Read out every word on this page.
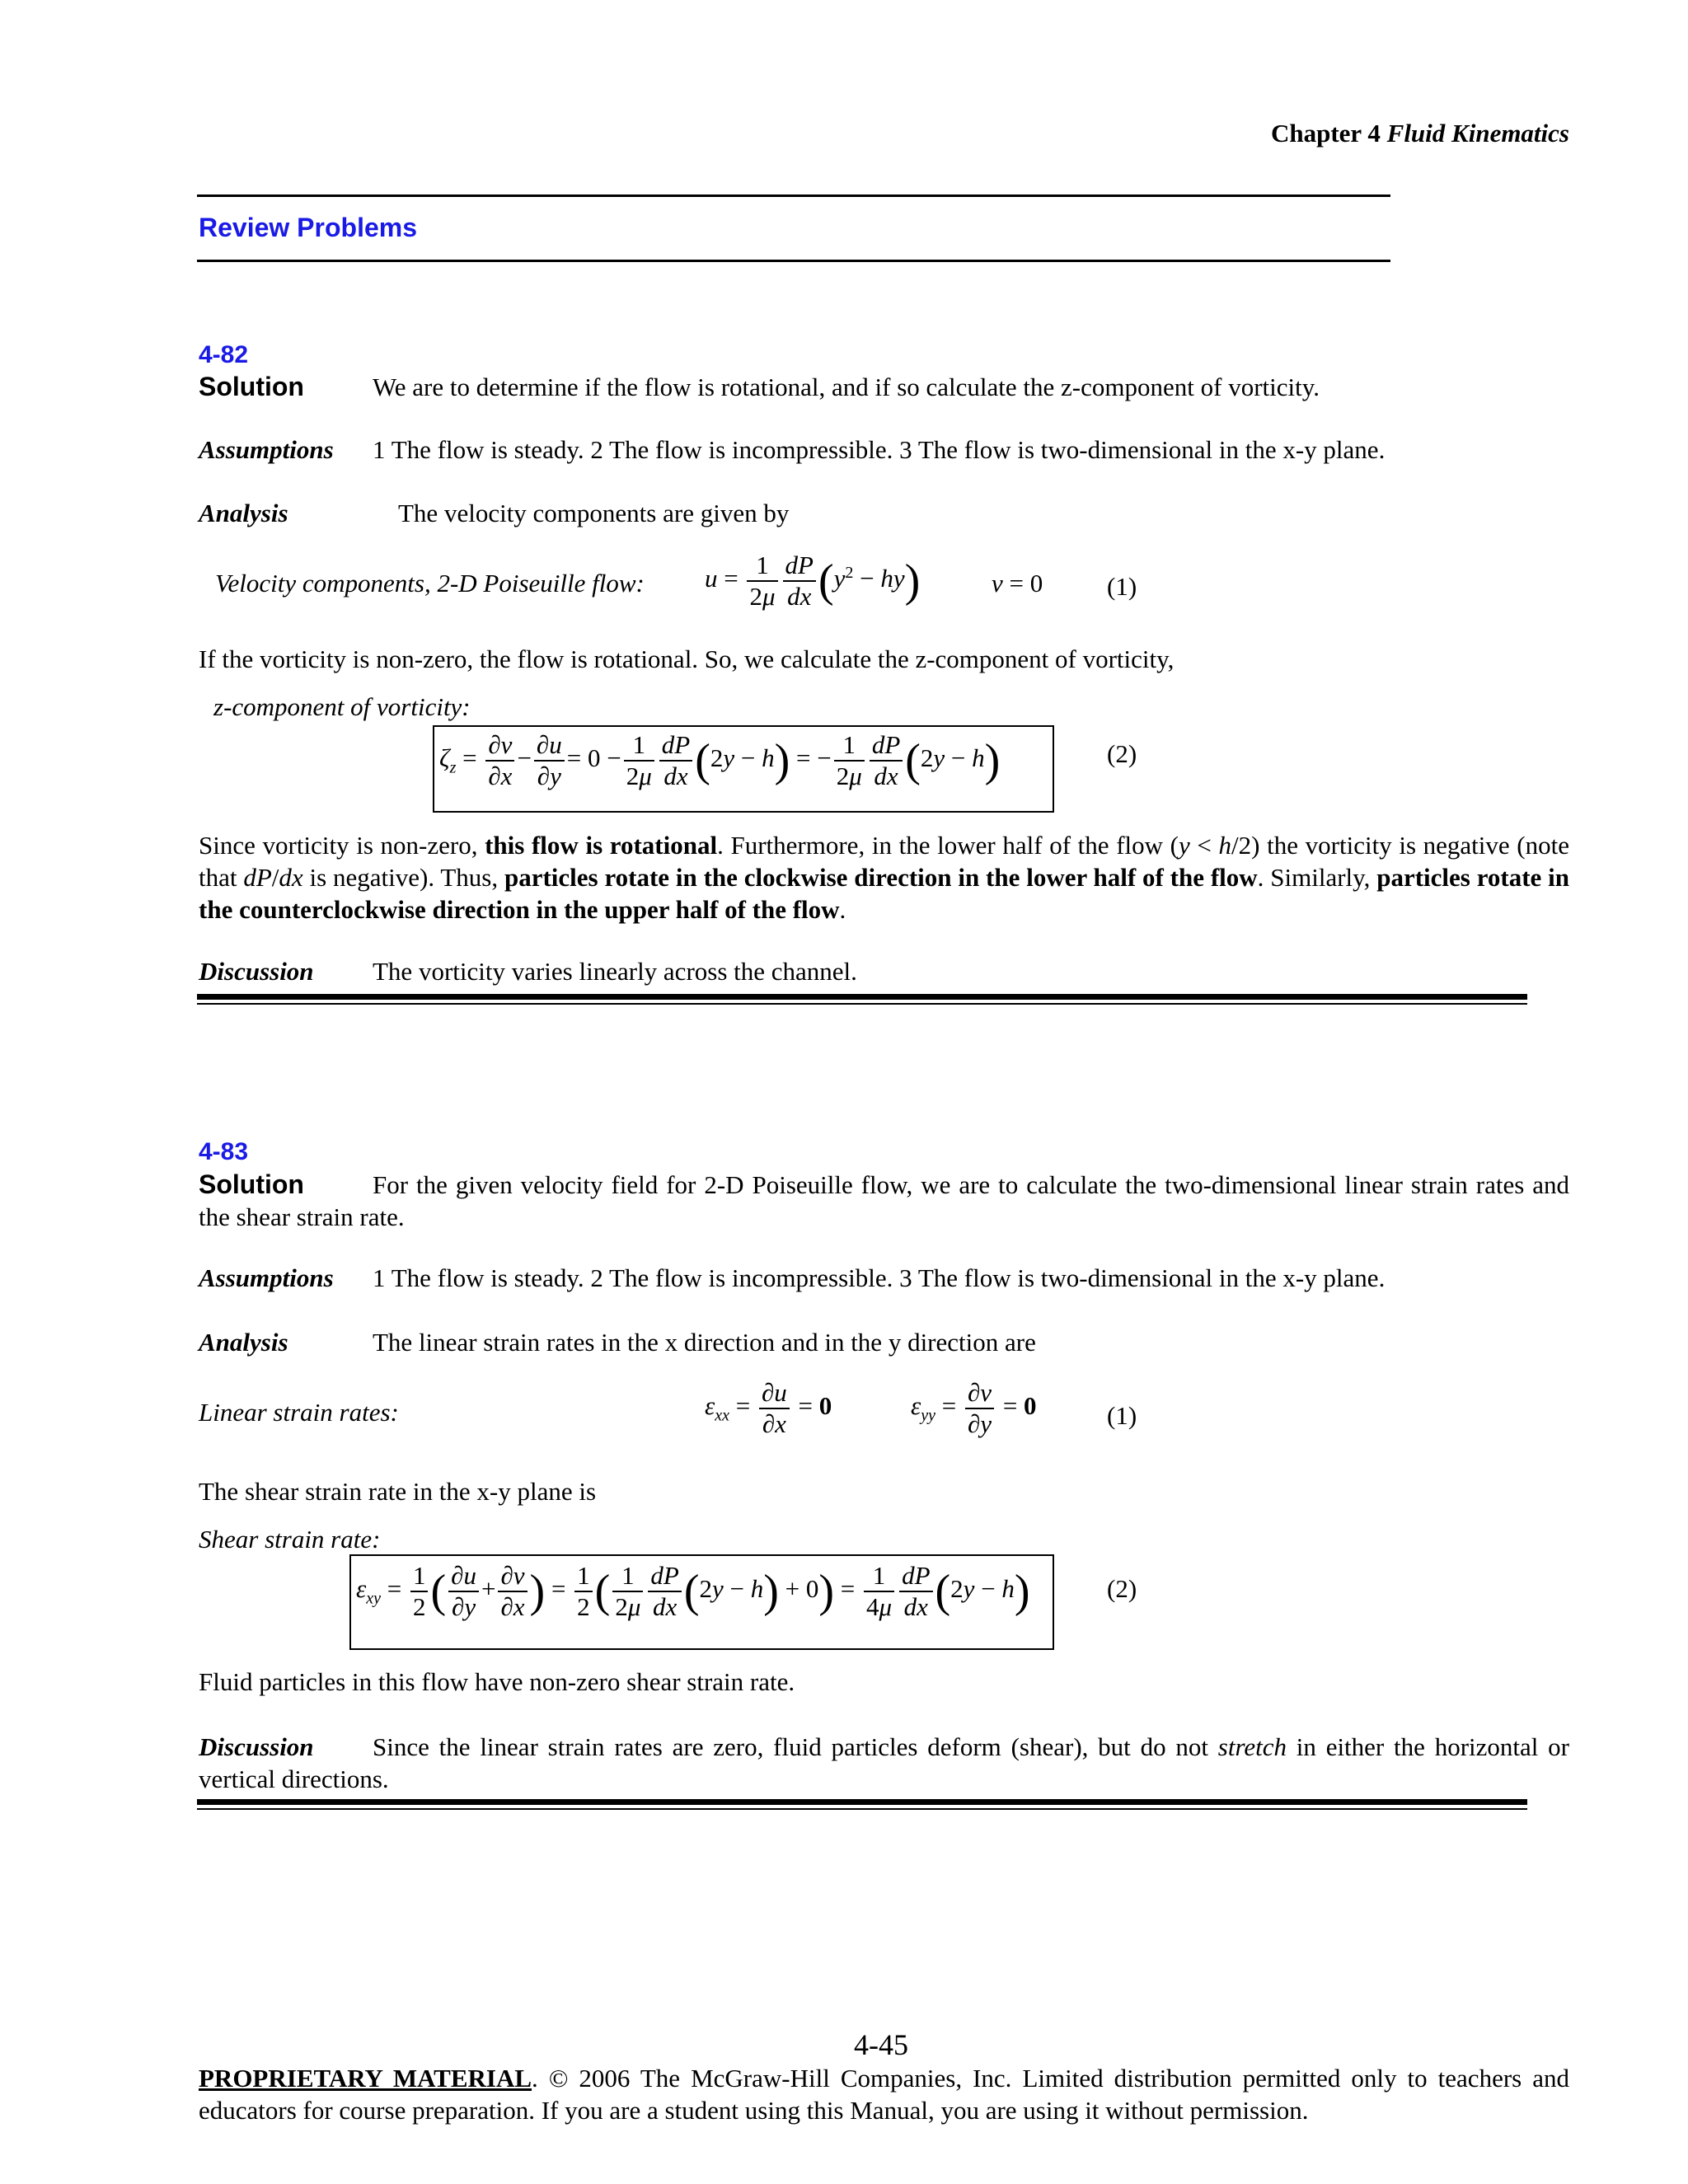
Chapter 4 Fluid Kinematics
Review Problems
4-82
Solution	We are to determine if the flow is rotational, and if so calculate the z-component of vorticity.
Assumptions 1 The flow is steady. 2 The flow is incompressible. 3 The flow is two-dimensional in the x-y plane.
Analysis	The velocity components are given by
Velocity components, 2-D Poiseuille flow: $u = \frac{1}{2\mu} \frac{dP}{dx} (y^2 - hy)$	v = 0	(1)
If the vorticity is non-zero, the flow is rotational. So, we calculate the z-component of vorticity,
z-component of vorticity:
$\zeta_z = \frac{\partial v}{\partial x} - \frac{\partial u}{\partial y} = 0 - \frac{1}{2\mu} \frac{dP}{dx} (2y - h)$ = − $\frac{1}{2\mu} \frac{dP}{dx} (2y - h)$	(2)
Since vorticity is non-zero, this flow is rotational. Furthermore, in the lower half of the flow (y < h/2) the vorticity is negative (note that dP/dx is negative). Thus, particles rotate in the clockwise direction in the lower half of the flow. Similarly, particles rotate in the counterclockwise direction in the upper half of the flow.
Discussion The vorticity varies linearly across the channel.
4-83
Solution	For the given velocity field for 2-D Poiseuille flow, we are to calculate the two-dimensional linear strain rates and the shear strain rate.
Assumptions 1 The flow is steady. 2 The flow is incompressible. 3 The flow is two-dimensional in the x-y plane.
Analysis	The linear strain rates in the x direction and in the y direction are
Linear strain rates:	$\varepsilon_{xx} = \frac{\partial u}{\partial x} = 0$	$\varepsilon_{yy} = \frac{\partial v}{\partial y} = 0$	(1)
The shear strain rate in the x-y plane is
Shear strain rate:
$\varepsilon_{xy} = \frac{1}{2}$ ( $\frac{\partial u}{\partial y} + \frac{\partial v}{\partial x}$ ) = $\frac{1}{2}$ ( $\frac{1}{2\mu} \frac{dP}{dx} (2y - h) + 0) = \frac{1}{4\mu} \frac{dP}{dx} (2y - h)$	(2)
Fluid particles in this flow have non-zero shear strain rate.
Discussion Since the linear strain rates are zero, fluid particles deform (shear), but do not stretch in either the horizontal or vertical directions.
4-45
PROPRIETARY MATERIAL. © 2006 The McGraw-Hill Companies, Inc. Limited distribution permitted only to teachers and educators for course preparation. If you are a student using this Manual, you are using it without permission.
